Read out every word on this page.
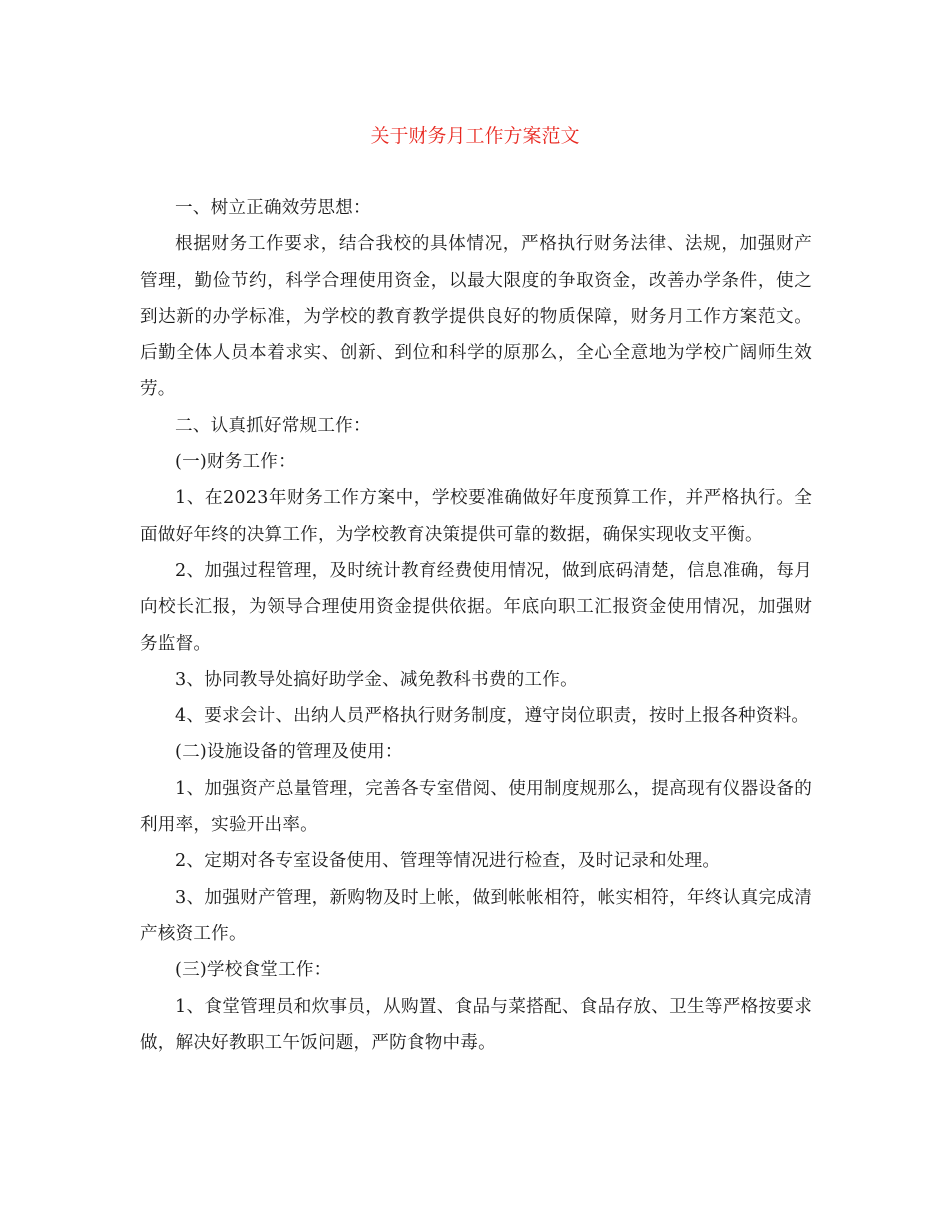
关于财务月工作方案范文

一、树立正确效劳思想：

根据财务工作要求，结合我校的具体情况，严格执行财务法律、法规，加强财产管理，勤俭节约，科学合理使用资金，以最大限度的争取资金，改善办学条件，使之到达新的办学标准，为学校的教育教学提供良好的物质保障，财务月工作方案范文。后勤全体人员本着求实、创新、到位和科学的原那么，全心全意地为学校广阔师生效劳。

二、认真抓好常规工作：

(一)财务工作：

1、在2023年财务工作方案中，学校要准确做好年度预算工作，并严格执行。全面做好年终的决算工作，为学校教育决策提供可靠的数据，确保实现收支平衡。

2、加强过程管理，及时统计教育经费使用情况，做到底码清楚，信息准确，每月向校长汇报，为领导合理使用资金提供依据。年底向职工汇报资金使用情况，加强财务监督。

3、协同教导处搞好助学金、减免教科书费的工作。

4、要求会计、出纳人员严格执行财务制度，遵守岗位职责，按时上报各种资料。

(二)设施设备的管理及使用：

1、加强资产总量管理，完善各专室借阅、使用制度规那么，提高现有仪器设备的利用率，实验开出率。

2、定期对各专室设备使用、管理等情况进行检查，及时记录和处理。

3、加强财产管理，新购物及时上帐，做到帐帐相符，帐实相符，年终认真完成清产核资工作。

(三)学校食堂工作：

1、食堂管理员和炊事员，从购置、食品与菜搭配、食品存放、卫生等严格按要求做，解决好教职工午饭问题，严防食物中毒。
